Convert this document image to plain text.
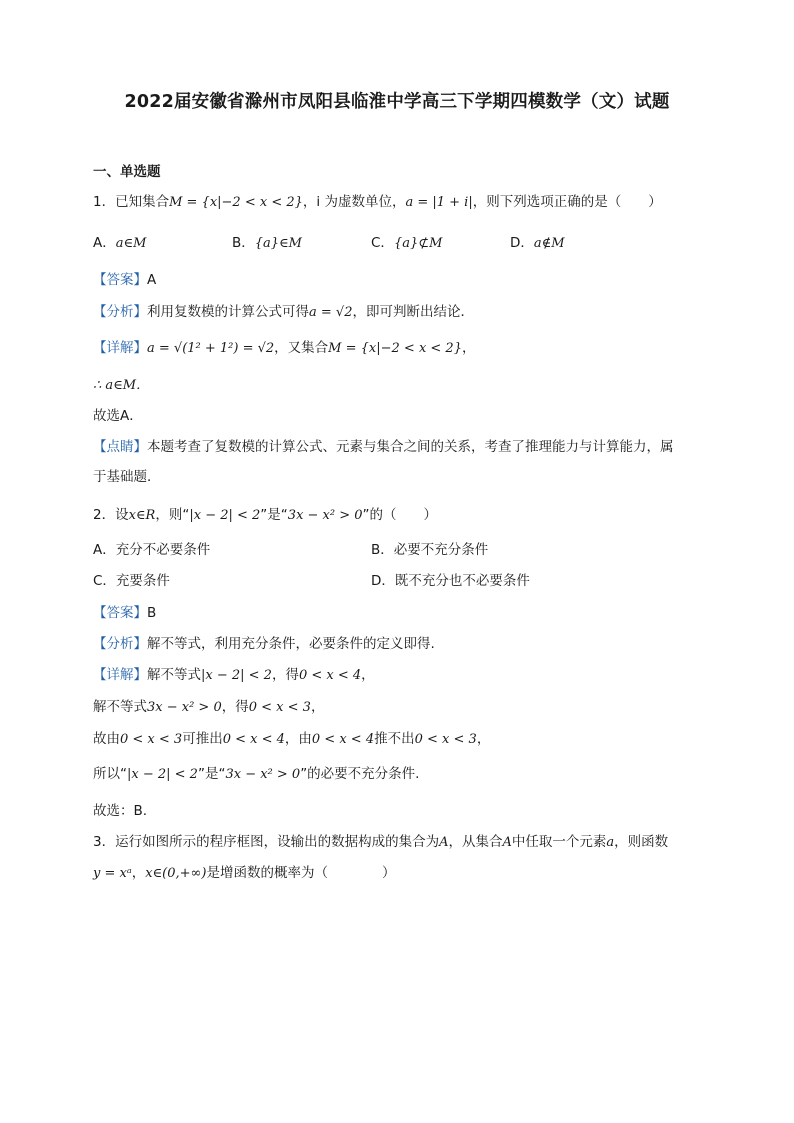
2022届安徽省滁州市凤阳县临淮中学高三下学期四模数学（文）试题
一、单选题
1．已知集合M = {x|−2 < x < 2}，i 为虚数单位，a = |1 + i|，则下列选项正确的是（　　）
A．a∈M	B．{a}∈M	C．{a}⊄M	D．a∉M
【答案】A
【分析】利用复数模的计算公式可得a = √2，即可判断出结论．
【详解】a = √(1² + 1²) = √2，又集合M = {x|−2 < x < 2}，
∴ a∈M．
故选A．
【点睛】本题考查了复数模的计算公式、元素与集合之间的关系，考查了推理能力与计算能力，属
于基础题．
2．设x∈R，则“|x − 2| < 2”是“3x − x² > 0”的（　　）
A．充分不必要条件	B．必要不充分条件
C．充要条件	D．既不充分也不必要条件
【答案】B
【分析】解不等式，利用充分条件，必要条件的定义即得.
【详解】解不等式|x − 2| < 2，得0 < x < 4，
解不等式3x − x² > 0，得0 < x < 3，
故由0 < x < 3可推出0 < x < 4，由0 < x < 4推不出0 < x < 3，
所以“|x − 2| < 2”是“3x − x² > 0”的必要不充分条件.
故选：B.
3．运行如图所示的程序框图，设输出的数据构成的集合为A，从集合A中任取一个元素a，则函数
y = xᵃ，x∈(0,+∞)是增函数的概率为（　　　　）
